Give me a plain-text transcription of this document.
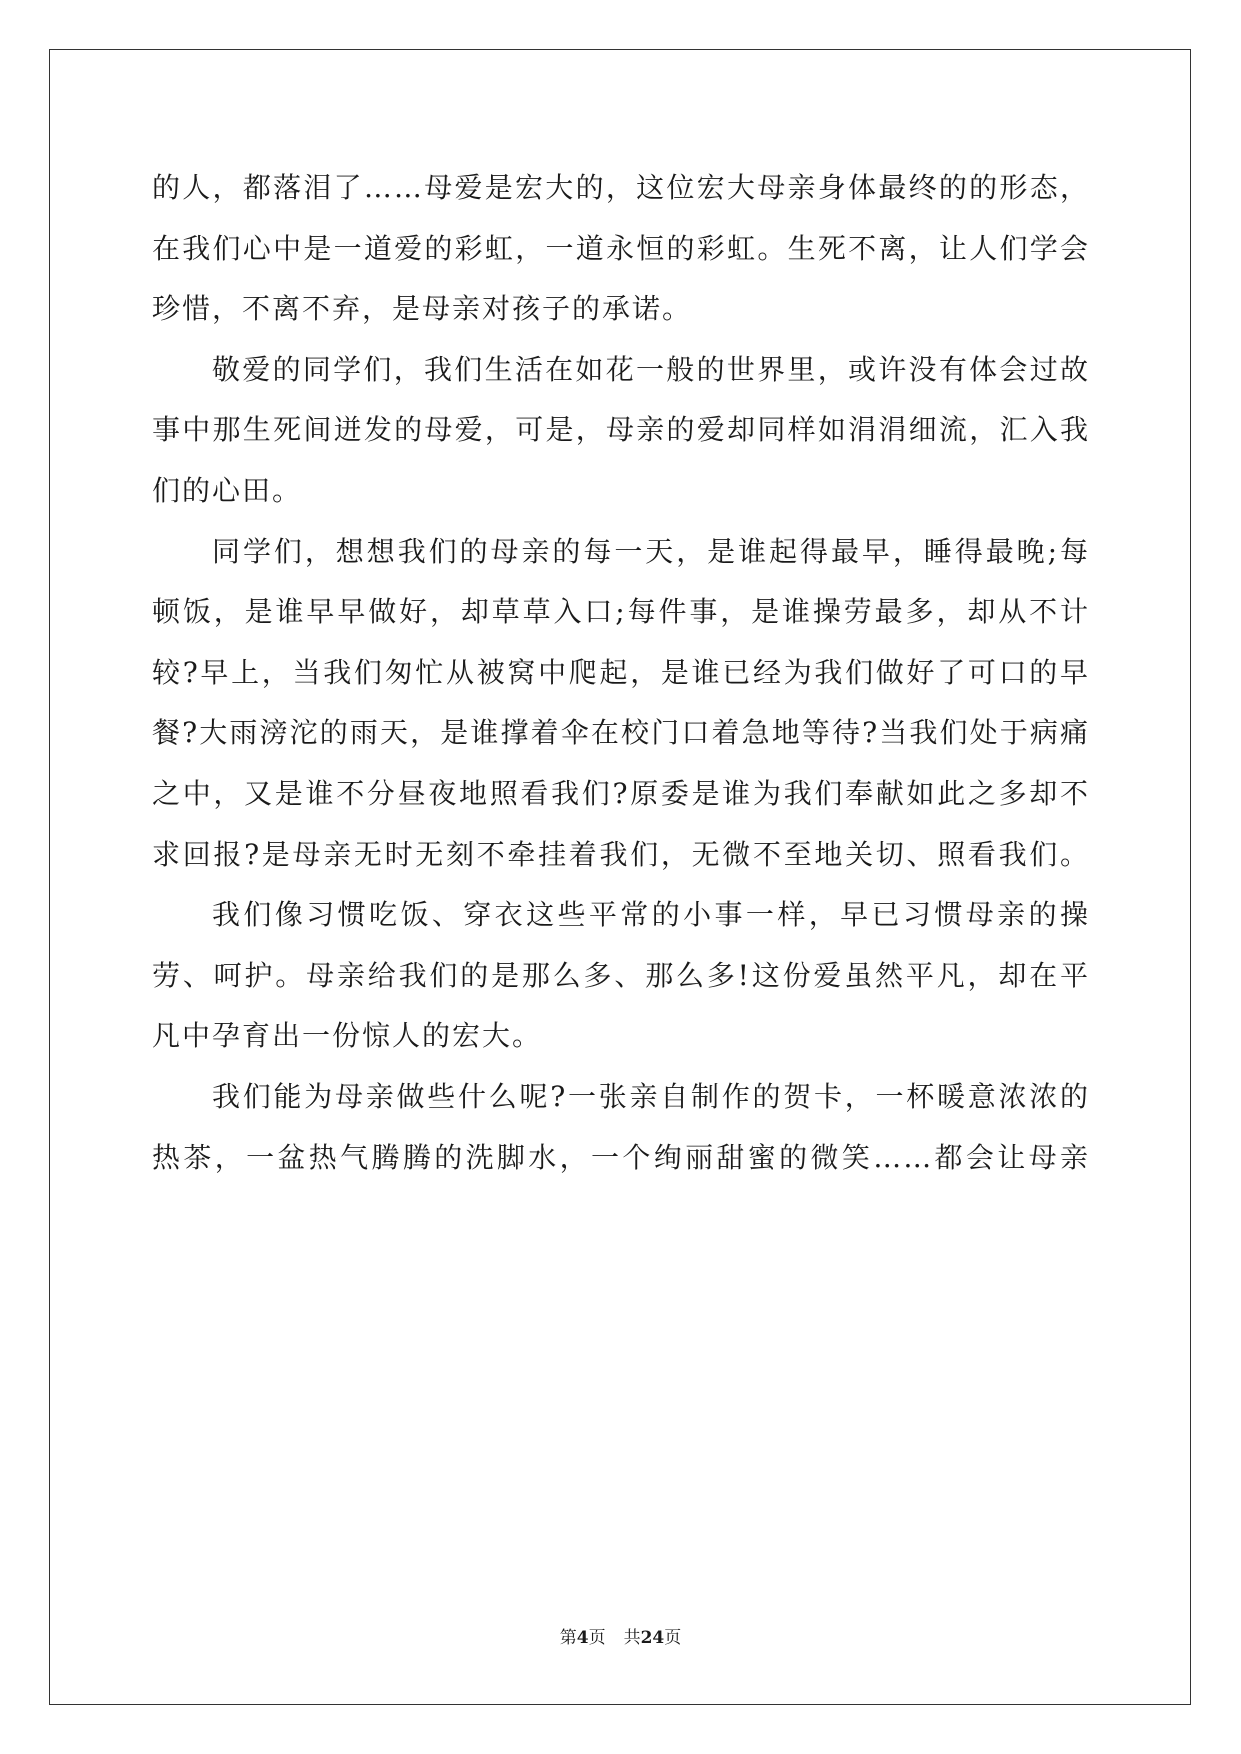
的人，都落泪了……母爱是宏大的，这位宏大母亲身体最终的的形态，在我们心中是一道爱的彩虹，一道永恒的彩虹。生死不离，让人们学会珍惜，不离不弃，是母亲对孩子的承诺。

敬爱的同学们，我们生活在如花一般的世界里，或许没有体会过故事中那生死间迸发的母爱，可是，母亲的爱却同样如涓涓细流，汇入我们的心田。

同学们，想想我们的母亲的每一天，是谁起得最早，睡得最晚;每顿饭，是谁早早做好，却草草入口;每件事，是谁操劳最多，却从不计较?早上，当我们匆忙从被窝中爬起，是谁已经为我们做好了可口的早餐?大雨滂沱的雨天，是谁撑着伞在校门口着急地等待?当我们处于病痛之中，又是谁不分昼夜地照看我们?原委是谁为我们奉献如此之多却不求回报?是母亲无时无刻不牵挂着我们，无微不至地关切、照看我们。

我们像习惯吃饭、穿衣这些平常的小事一样，早已习惯母亲的操劳、呵护。母亲给我们的是那么多、那么多!这份爱虽然平凡，却在平凡中孕育出一份惊人的宏大。

我们能为母亲做些什么呢?一张亲自制作的贺卡，一杯暖意浓浓的热茶，一盆热气腾腾的洗脚水，一个绚丽甜蜜的微笑……都会让母亲

第4页 共24页
